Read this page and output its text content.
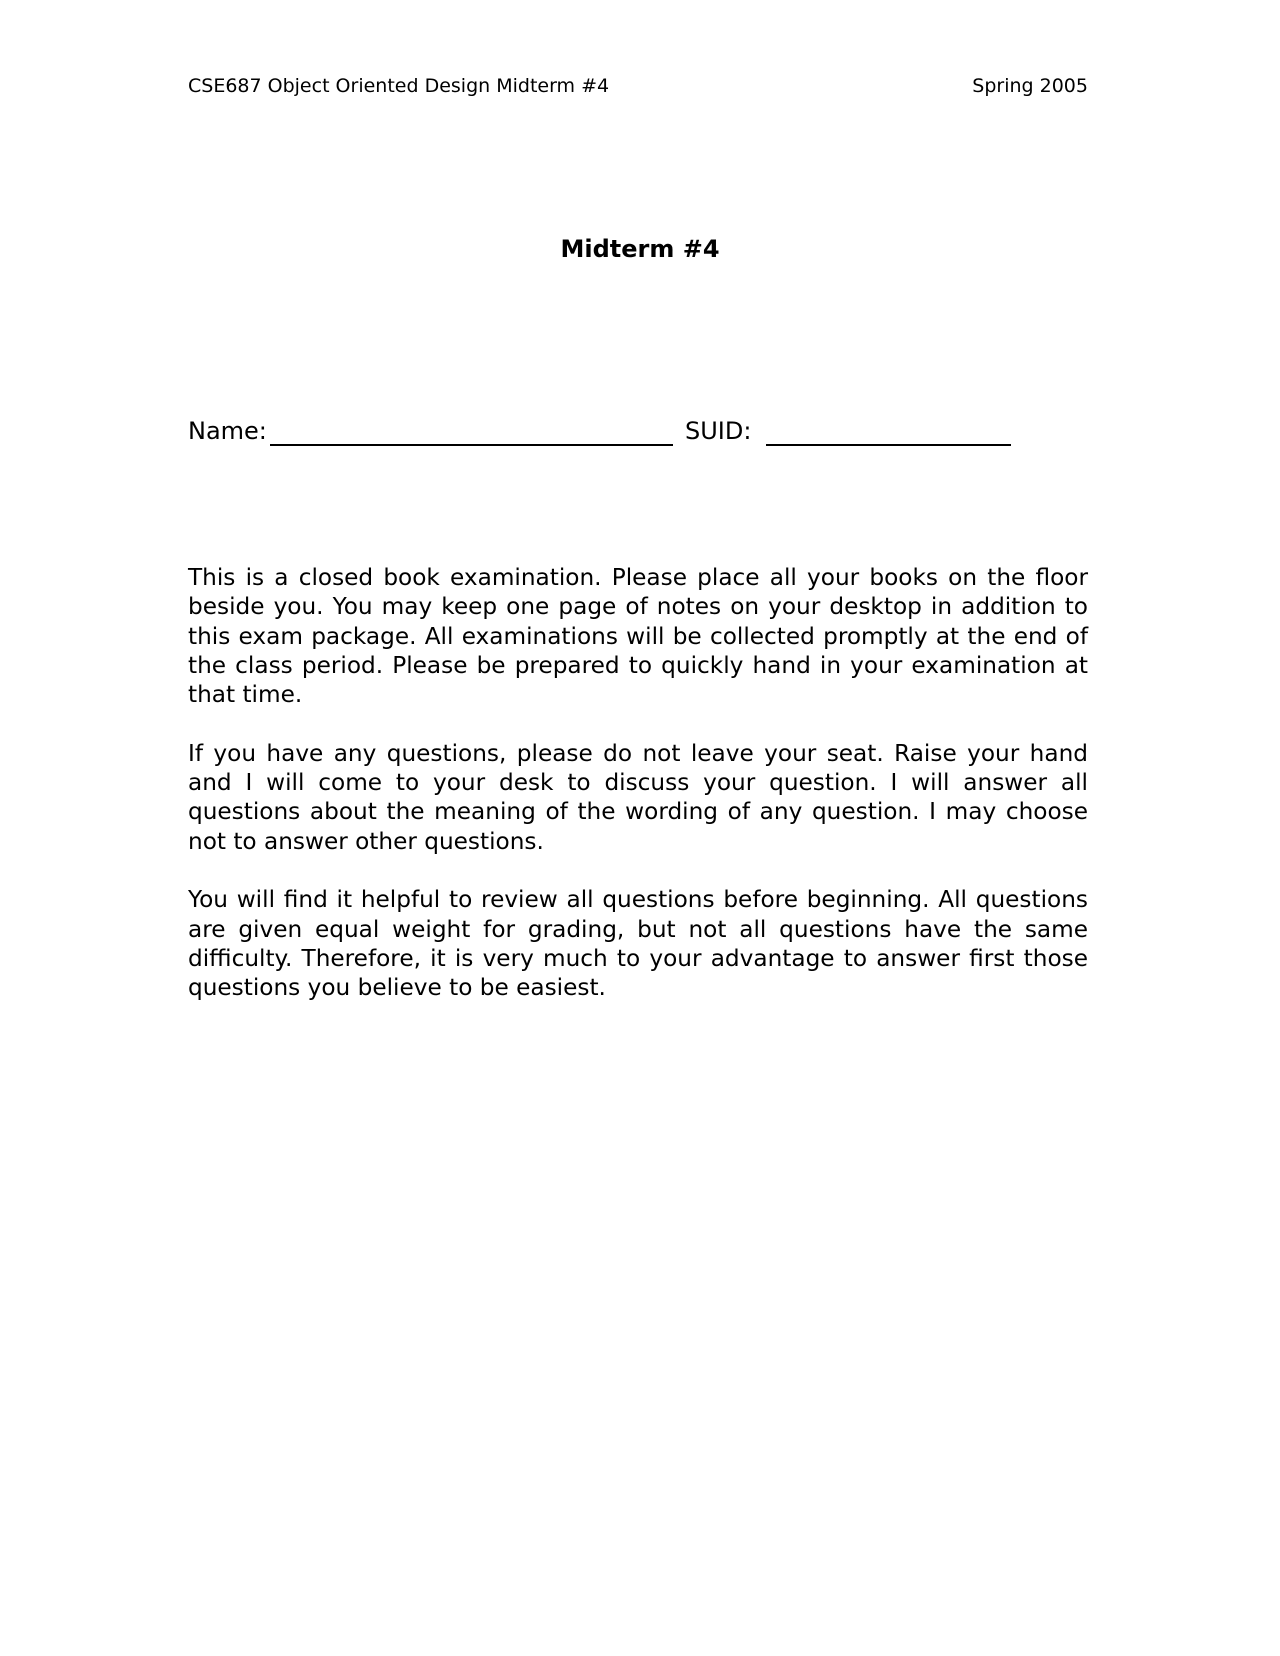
CSE687 Object Oriented Design Midterm #4	Spring 2005
Midterm #4
Name:	SUID:

This is a closed book examination. Please place all your books on the floor beside you. You may keep one page of notes on your desktop in addition to this exam package. All examinations will be collected promptly at the end of the class period. Please be prepared to quickly hand in your examination at that time.

If you have any questions, please do not leave your seat. Raise your hand and I will come to your desk to discuss your question. I will answer all questions about the meaning of the wording of any question. I may choose not to answer other questions.

You will find it helpful to review all questions before beginning. All questions are given equal weight for grading, but not all questions have the same difficulty. Therefore, it is very much to your advantage to answer first those questions you believe to be easiest.
